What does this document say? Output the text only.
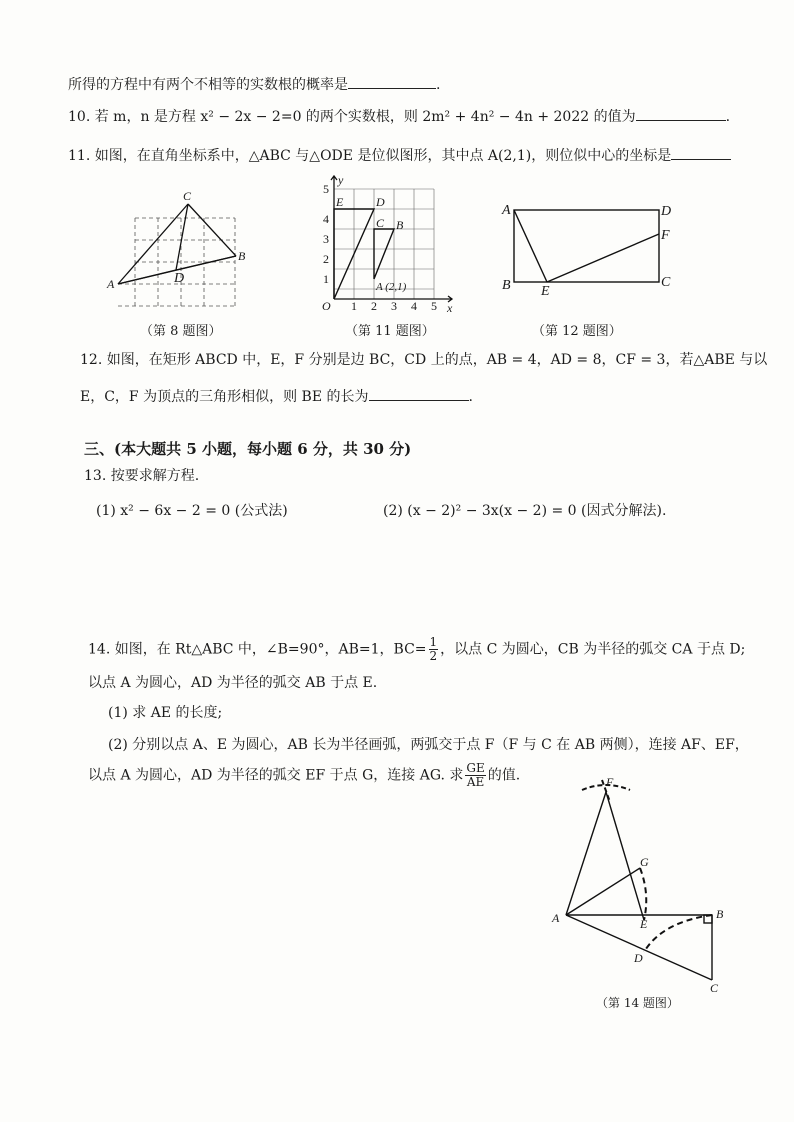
所得的方程中有两个不相等的实数根的概率是	.
10. 若 m，n 是方程 x² − 2x − 2=0 的两个实数根，则 2m² + 4n² − 4n + 2022 的值为	.
11. 如图，在直角坐标系中，△ABC 与△ODE 是位似图形，其中点 A(2,1)，则位似中心的坐标是
A
C
B
D
（第 8 题图）
y
x
O 1 2 3 4 5
1
2
3
4
5
E	D
C B
A (2,1)
（第 11 题图）
A	D
F
B E
C
（第 12 题图）
12. 如图，在矩形 ABCD 中，E，F 分别是边 BC，CD 上的点，AB = 4，AD = 8，CF = 3，若△ABE 与以
E，C，F 为顶点的三角形相似，则 BE 的长为	.
三、(本大题共 5 小题，每小题 6 分，共 30 分)
13. 按要求解方程.
(1) x² − 6x − 2 = 0 (公式法)	(2) (x − 2)² − 3x(x − 2) = 0 (因式分解法).
14. 如图，在 Rt△ABC 中，∠B=90°，AB=1，$BC= \frac{1}{2}$ ，以点 C 为圆心，CB 为半径的弧交 CA 于点 D;
以点 A 为圆心，AD 为半径的弧交 AB 于点 E.
(1) 求 AE 的长度;
(2) 分别以点 A、E 为圆心，AB 长为半径画弧，两弧交于点 F（F 与 C 在 AB 两侧），连接 AF、EF，
以点 A 为圆心，AD 为半径的弧交 EF 于点 G，连接 AG. 求 $\frac{GE}{AE}$ 的值.	F
G
A	E
B
D
C
（第 14 题图）
